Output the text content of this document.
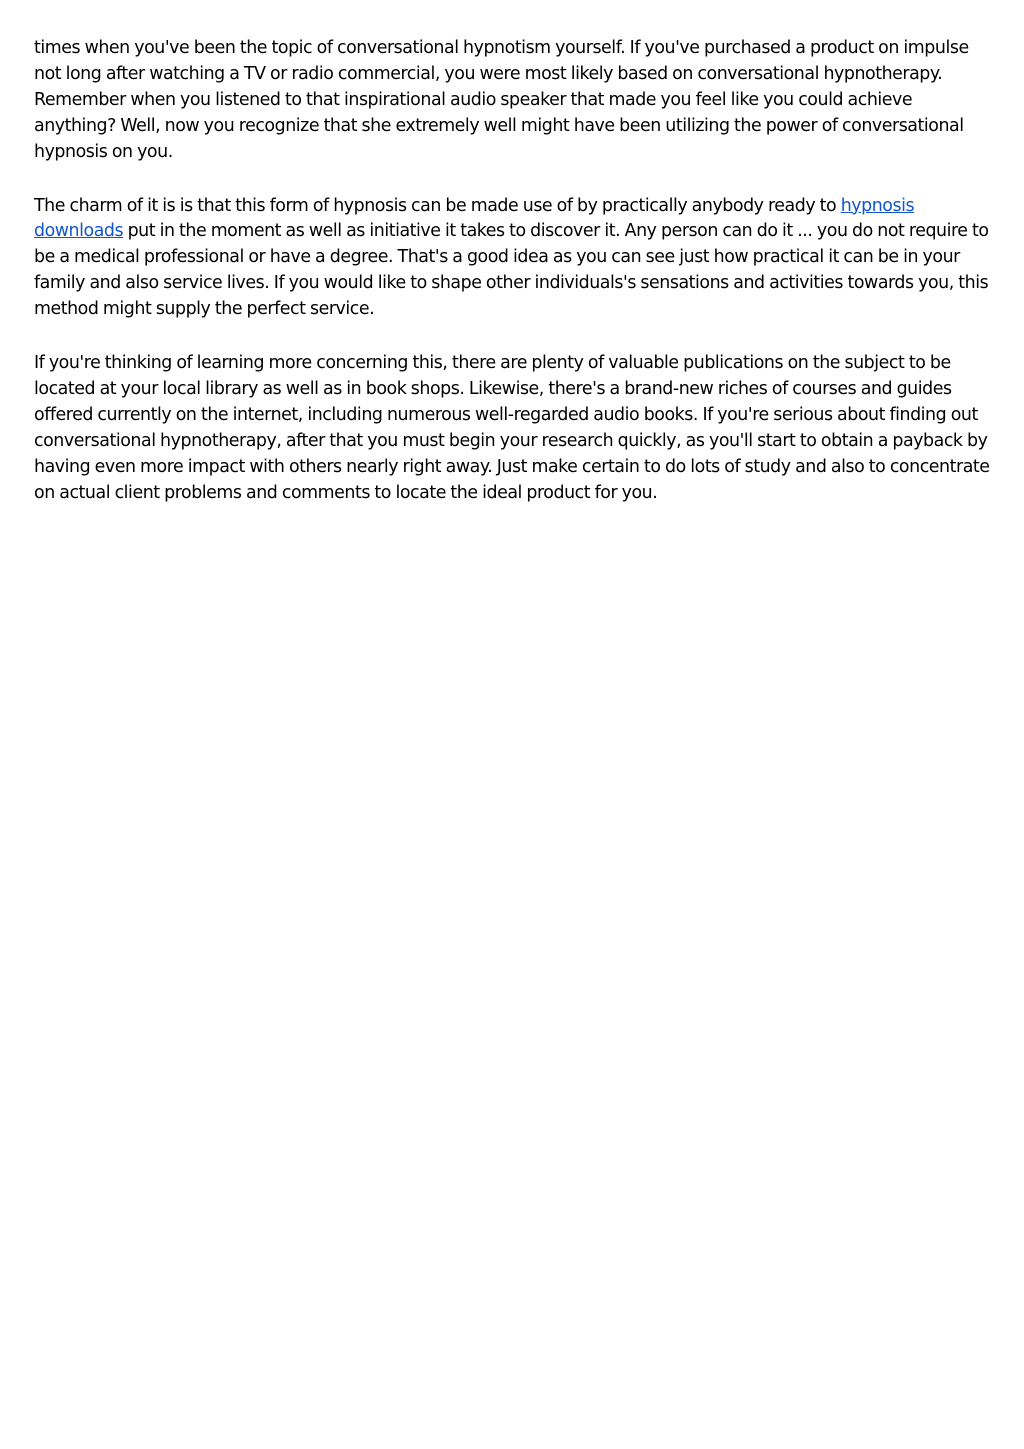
times when you've been the topic of conversational hypnotism yourself. If you've purchased a product on impulse not long after watching a TV or radio commercial, you were most likely based on conversational hypnotherapy. Remember when you listened to that inspirational audio speaker that made you feel like you could achieve anything? Well, now you recognize that she extremely well might have been utilizing the power of conversational hypnosis on you.

The charm of it is is that this form of hypnosis can be made use of by practically anybody ready to hypnosis downloads put in the moment as well as initiative it takes to discover it. Any person can do it ... you do not require to be a medical professional or have a degree. That's a good idea as you can see just how practical it can be in your family and also service lives. If you would like to shape other individuals's sensations and activities towards you, this method might supply the perfect service.

If you're thinking of learning more concerning this, there are plenty of valuable publications on the subject to be located at your local library as well as in book shops. Likewise, there's a brand-new riches of courses and guides offered currently on the internet, including numerous well-regarded audio books. If you're serious about finding out conversational hypnotherapy, after that you must begin your research quickly, as you'll start to obtain a payback by having even more impact with others nearly right away. Just make certain to do lots of study and also to concentrate on actual client problems and comments to locate the ideal product for you.
